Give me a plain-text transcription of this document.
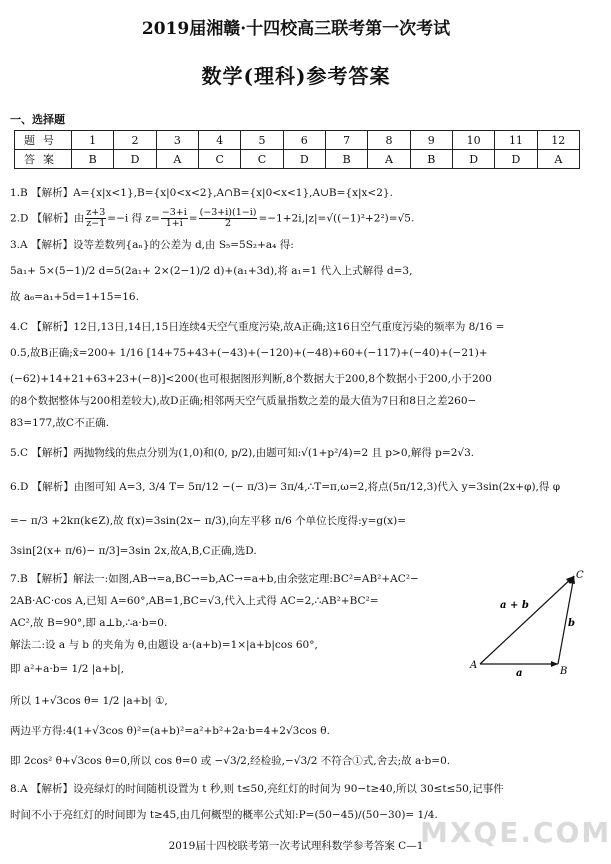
2019届湘赣·十四校高三联考第一次考试
数学(理科)参考答案
一、选择题
题号	1	2	3	4	5	6	7	8	9	10	11	12
答案	B	D	A	C	C	D	B	A	B	D	D	A
1.B 【解析】A={x|x<1},B={x|0<x<2},A∩B={x|0<x<1},A∪B={x|x<2}.
2.D 【解析】由 $\frac{z+3}{z-1} =-i$ 得 $z= \frac{-3+i}{1+i} = \frac{(-3+i)(1-i)}{2} =-1+2i,|z|=√((-1)^2+2^2)=√5$.
3.A 【解析】设等差数列{aₙ}的公差为 d,由 S₅=5S₂+a₄ 得:
5a₁+ 5×(5−1)/2 d=5(2a₁+ 2×(2−1)/2 d)+(a₁+3d),将 a₁=1 代入上式解得 d=3,
故 a₆=a₁+5d=1+15=16.
4.C 【解析】12日,13日,14日,15日连续4天空气重度污染,故A正确;这16日空气重度污染的频率为 8/16 =
0.5,故B正确;x̄=200+ 1/16 [14+75+43+(−43)+(−120)+(−48)+60+(−117)+(−40)+(−21)+
(−62)+14+21+63+23+(−8)]<200(也可根据图形判断,8个数据大于200,8个数据小于200,小于200
的8个数据整体与200相差较大),故D正确;相邻两天空气质量指数之差的最大值为7日和8日之差260−
83=177,故C不正确.
5.C 【解析】两抛物线的焦点分别为(1,0)和(0, p/2),由题可知:√(1+p²/4)=2 且 p>0,解得 p=2√3.
6.D 【解析】由图可知 A=3, 3/4 T= 5π/12 −(− π/3)= 3π/4,∴T=π,ω=2,将点(5π/12,3)代入 y=3sin(2x+φ),得 φ
=− π/3 +2kπ(k∈Z),故 f(x)=3sin(2x− π/3),向左平移 π/6 个单位长度得:y=g(x)=
3sin[2(x+ π/6)− π/3]=3sin 2x,故A,B,C正确,选D.
7.B 【解析】解法一:如图,AB→=a,BC→=b,AC→=a+b,由余弦定理:BC²=AB²+AC²−
2AB·AC·cos A,已知 A=60°,AB=1,BC=√3,代入上式得 AC=2,∴AB²+BC²=
AC²,故 B=90°,即 a⊥b,∴a·b=0.
解法二:设 a 与 b 的夹角为 θ,由题设 a·(a+b)=1×|a+b|cos 60°,
即 a²+a·b= 1/2 |a+b|,
所以 1+√3cos θ= 1/2 |a+b| ①,
两边平方得:4(1+√3cos θ)²=(a+b)²=a²+b²+2a·b=4+2√3cos θ.
即 2cos² θ+√3cos θ=0,所以 cos θ=0 或 −√3/2,经检验,−√3/2 不符合①式,舍去;故 a·b=0.
8.A 【解析】设亮绿灯的时间随机设置为 t 秒,则 t≤50,亮红灯的时间为 90−t≥40,所以 30≤t≤50,记事件
时间不小于亮红灯的时间即为 t≥45,由几何概型的概率公式知:P=(50−45)/(50−30)= 1/4.
A
B
C
a
b
a + b
MXQE.COM
2019届十四校联考第一次考试理科数学参考答案 C—1
